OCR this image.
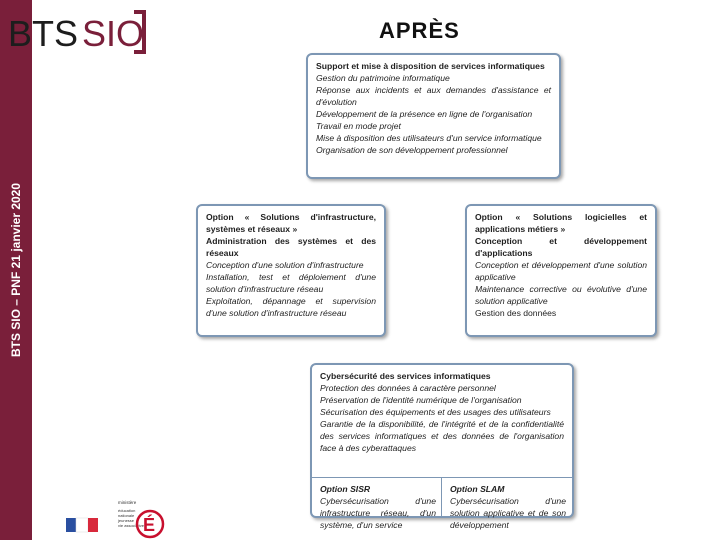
BTS SIO – PNF 21 janvier 2020
BTS SIO	APRÈS
Support et mise à disposition de services informatiques
Gestion du patrimoine informatique
Réponse aux incidents et aux demandes d'assistance et d'évolution
Développement de la présence en ligne de l'organisation
Travail en mode projet
Mise à disposition des utilisateurs d'un service informatique
Organisation de son développement professionnel
Option « Solutions d'infrastructure, systèmes et réseaux »
Administration des systèmes et des réseaux
Conception d'une solution d'infrastructure
Installation, test et déploiement d'une solution d'infrastructure réseau
Exploitation, dépannage et supervision d'une solution d'infrastructure réseau
Option « Solutions logicielles et applications métiers »
Conception et développement d'applications
Conception et développement d'une solution applicative
Maintenance corrective ou évolutive d'une solution applicative
Gestion des données
Cybersécurité des services informatiques
Protection des données à caractère personnel
Préservation de l'identité numérique de l'organisation
Sécurisation des équipements et des usages des utilisateurs
Garantie de la disponibilité, de l'intégrité et de la confidentialité des services informatiques et des données de l'organisation face à des cyberattaques
Option SISR
Cybersécurisation d'une infrastructure réseau, d'un système, d'un service
Option SLAM
Cybersécurisation d'une solution applicative et de son développement
ministère
éducation
nationale
jeunesse
vie associative
É
